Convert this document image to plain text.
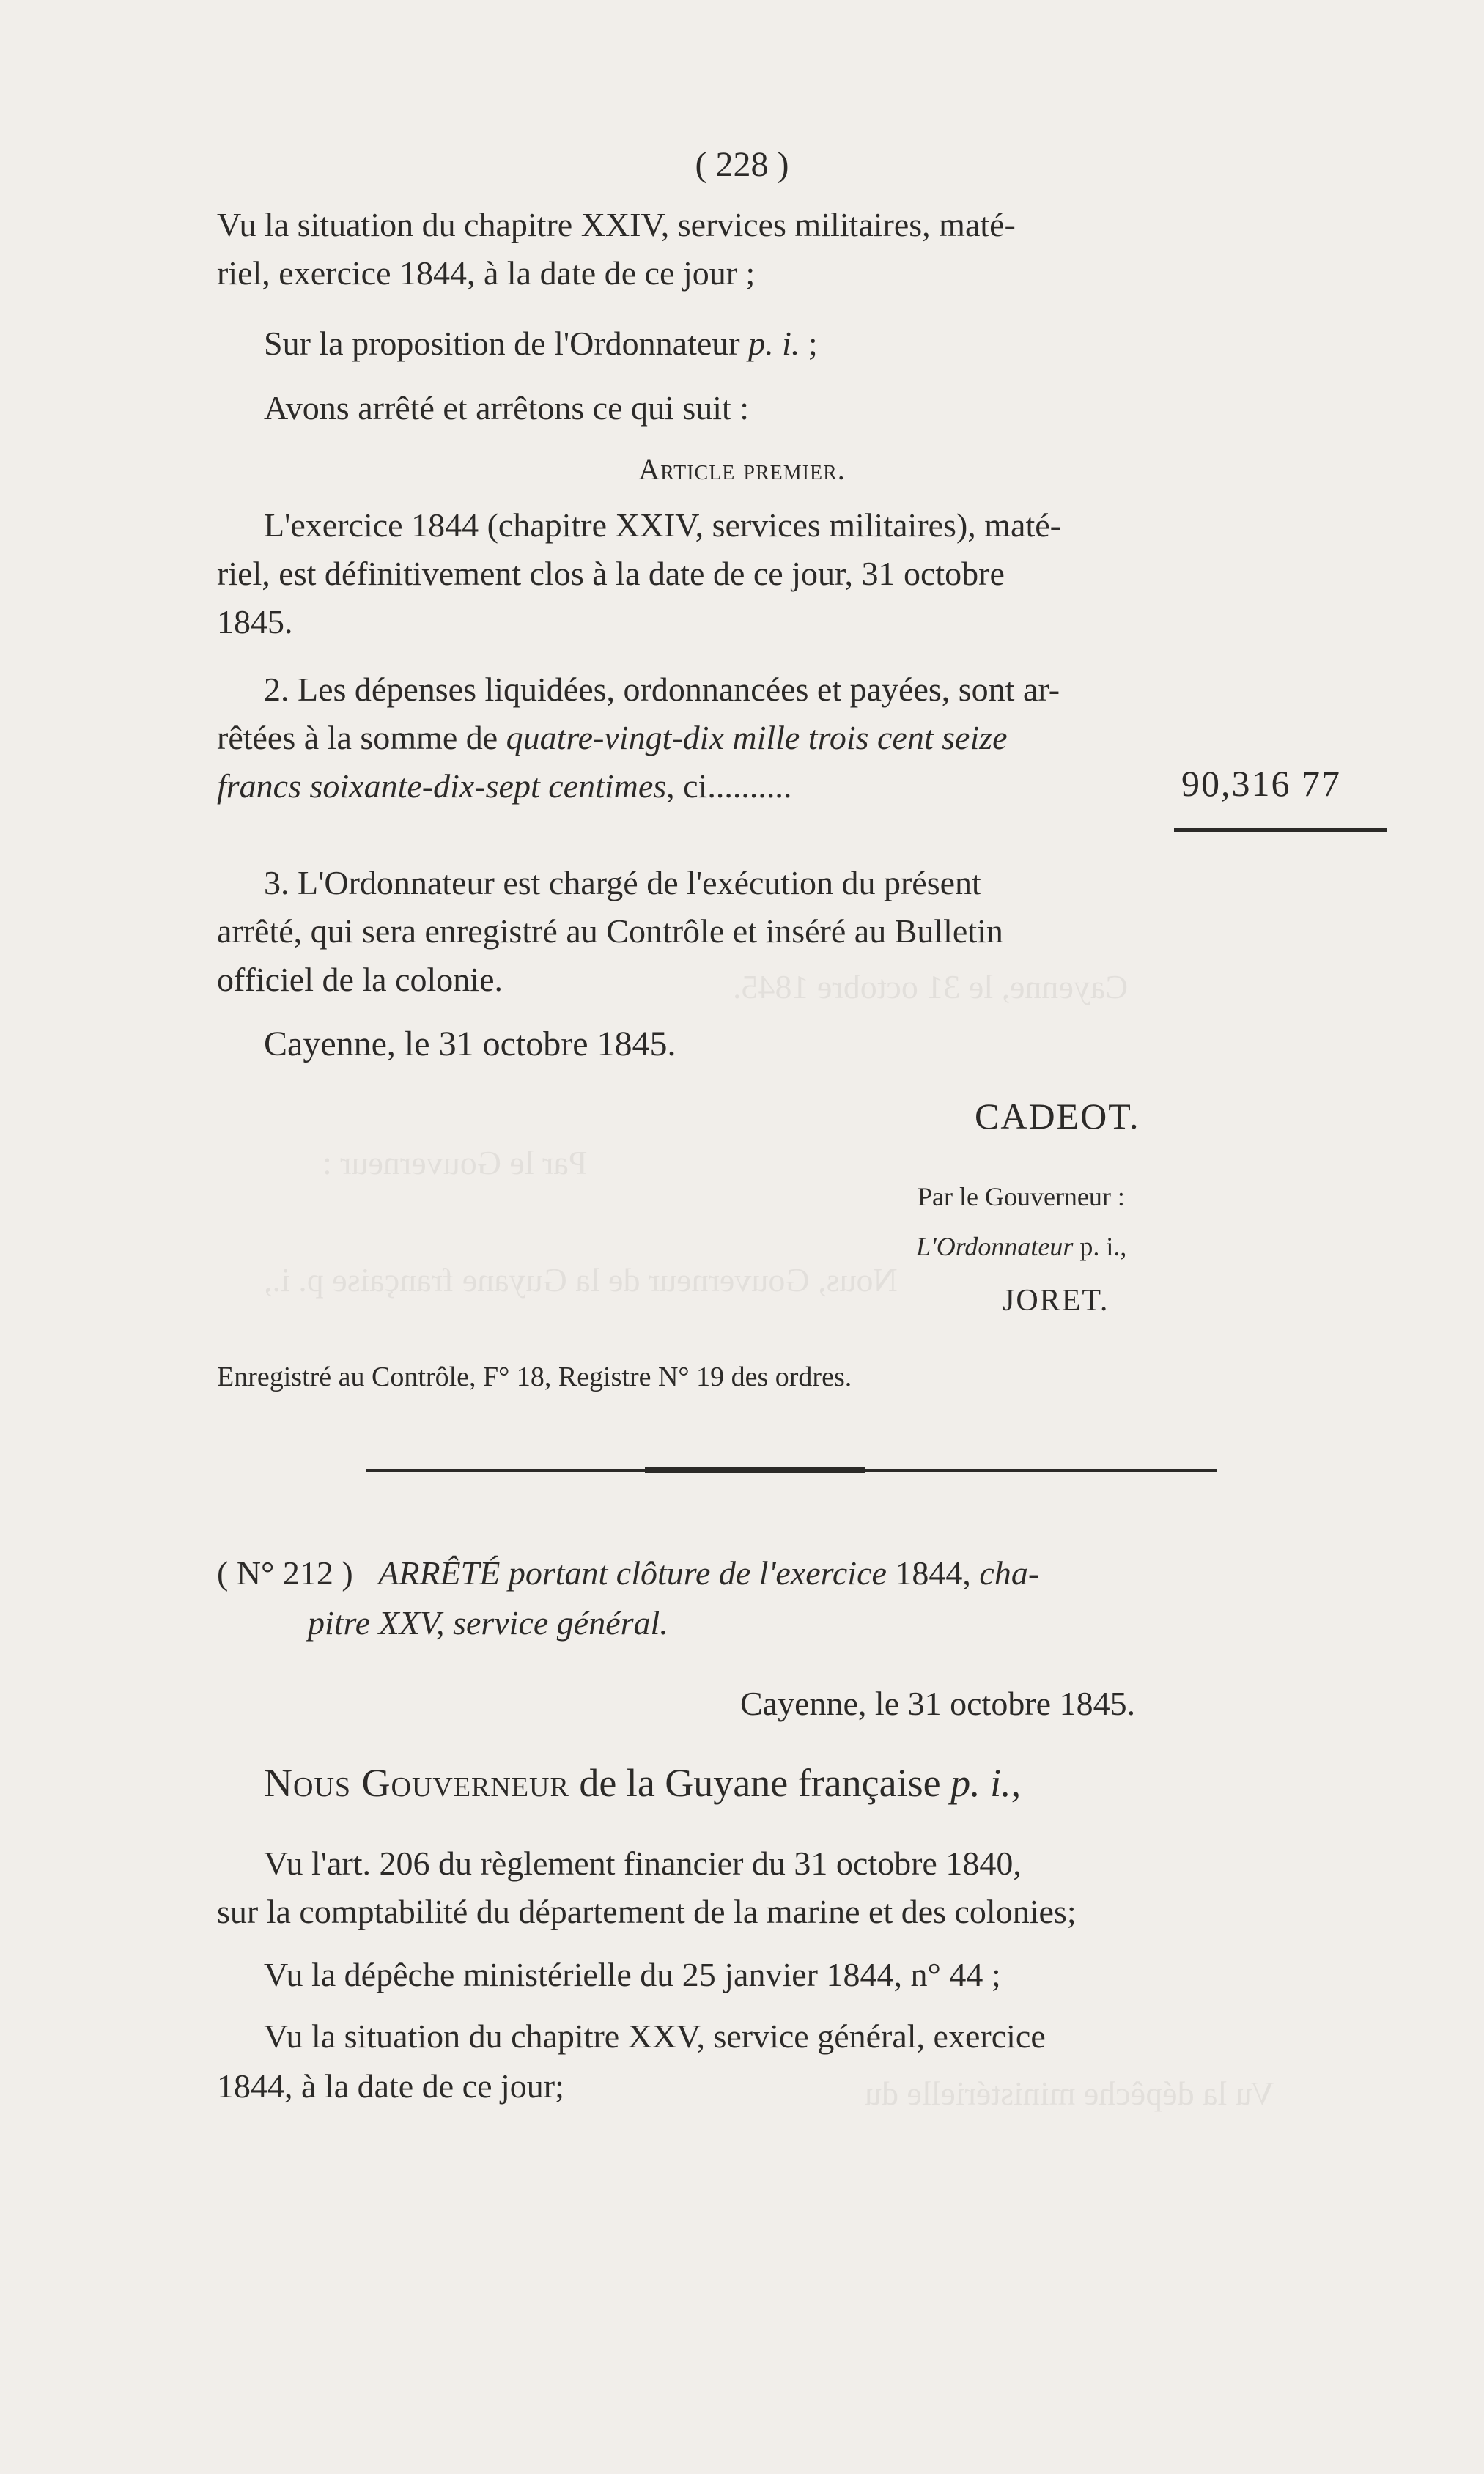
Cayenne, le 31 octobre 1845.
Par le Gouverneur :
Nous, Gouverneur de la Guyane française p. i.,
Vu la dépêche ministérielle du
( 228 )
Vu la situation du chapitre XXIV, services militaires, maté-
riel, exercice 1844, à la date de ce jour ;
Sur la proposition de l'Ordonnateur p. i. ;
Avons arrêté et arrêtons ce qui suit :
Article premier.
L'exercice 1844 (chapitre XXIV, services militaires), maté-
riel, est définitivement clos à la date de ce jour, 31 octobre
1845.
2. Les dépenses liquidées, ordonnancées et payées, sont ar-
rêtées à la somme de quatre-vingt-dix mille trois cent seize
francs soixante-dix-sept centimes, ci..........	90,316 77
3. L'Ordonnateur est chargé de l'exécution du présent
arrêté, qui sera enregistré au Contrôle et inséré au Bulletin
officiel de la colonie.
Cayenne, le 31 octobre 1845.
CADEOT.
Par le Gouverneur :
L'Ordonnateur p. i.,
JORET.
Enregistré au Contrôle, F° 18, Registre N° 19 des ordres.
( N° 212 ) ARRÊTÉ portant clôture de l'exercice 1844, cha-
pitre XXV, service général.
Cayenne, le 31 octobre 1845.
Nous Gouverneur de la Guyane française p. i.,
Vu l'art. 206 du règlement financier du 31 octobre 1840,
sur la comptabilité du département de la marine et des colonies;
Vu la dépêche ministérielle du 25 janvier 1844, n° 44 ;
Vu la situation du chapitre XXV, service général, exercice
1844, à la date de ce jour;
